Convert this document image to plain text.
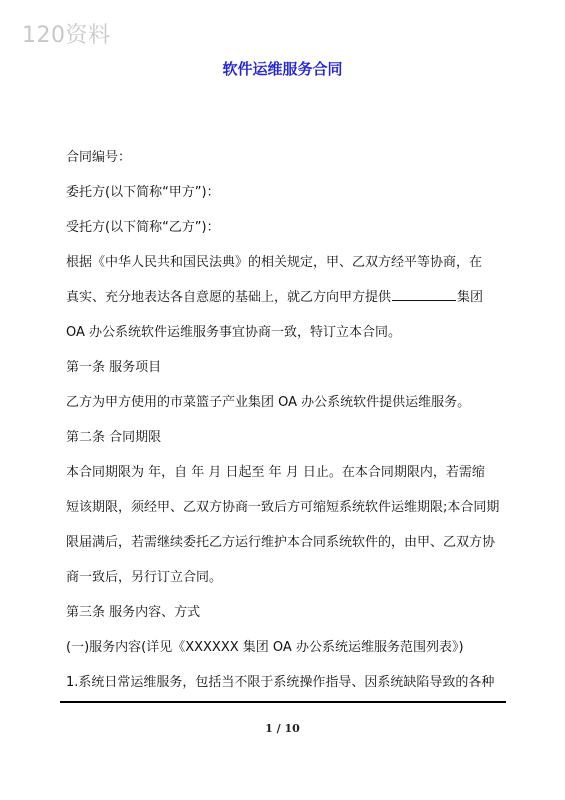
120资料
软件运维服务合同
合同编号：
委托方(以下简称“甲方”)：
受托方(以下简称“乙方”)：
根据《中华人民共和国民法典》的相关规定，甲、乙双方经平等协商，在
真实、充分地表达各自意愿的基础上，就乙方向甲方提供	集团
OA 办公系统软件运维服务事宜协商一致，特订立本合同。
第一条 服务项目
乙方为甲方使用的市菜篮子产业集团 OA 办公系统软件提供运维服务。
第二条 合同期限
本合同期限为 年，自 年 月 日起至 年 月 日止。在本合同期限内，若需缩
短该期限，须经甲、乙双方协商一致后方可缩短系统软件运维期限;本合同期
限届满后，若需继续委托乙方运行维护本合同系统软件的，由甲、乙双方协
商一致后，另行订立合同。
第三条 服务内容、方式
(一)服务内容(详见《XXXXXX 集团 OA 办公系统运维服务范围列表》)
1.系统日常运维服务，包括当不限于系统操作指导、因系统缺陷导致的各种
1 / 10
